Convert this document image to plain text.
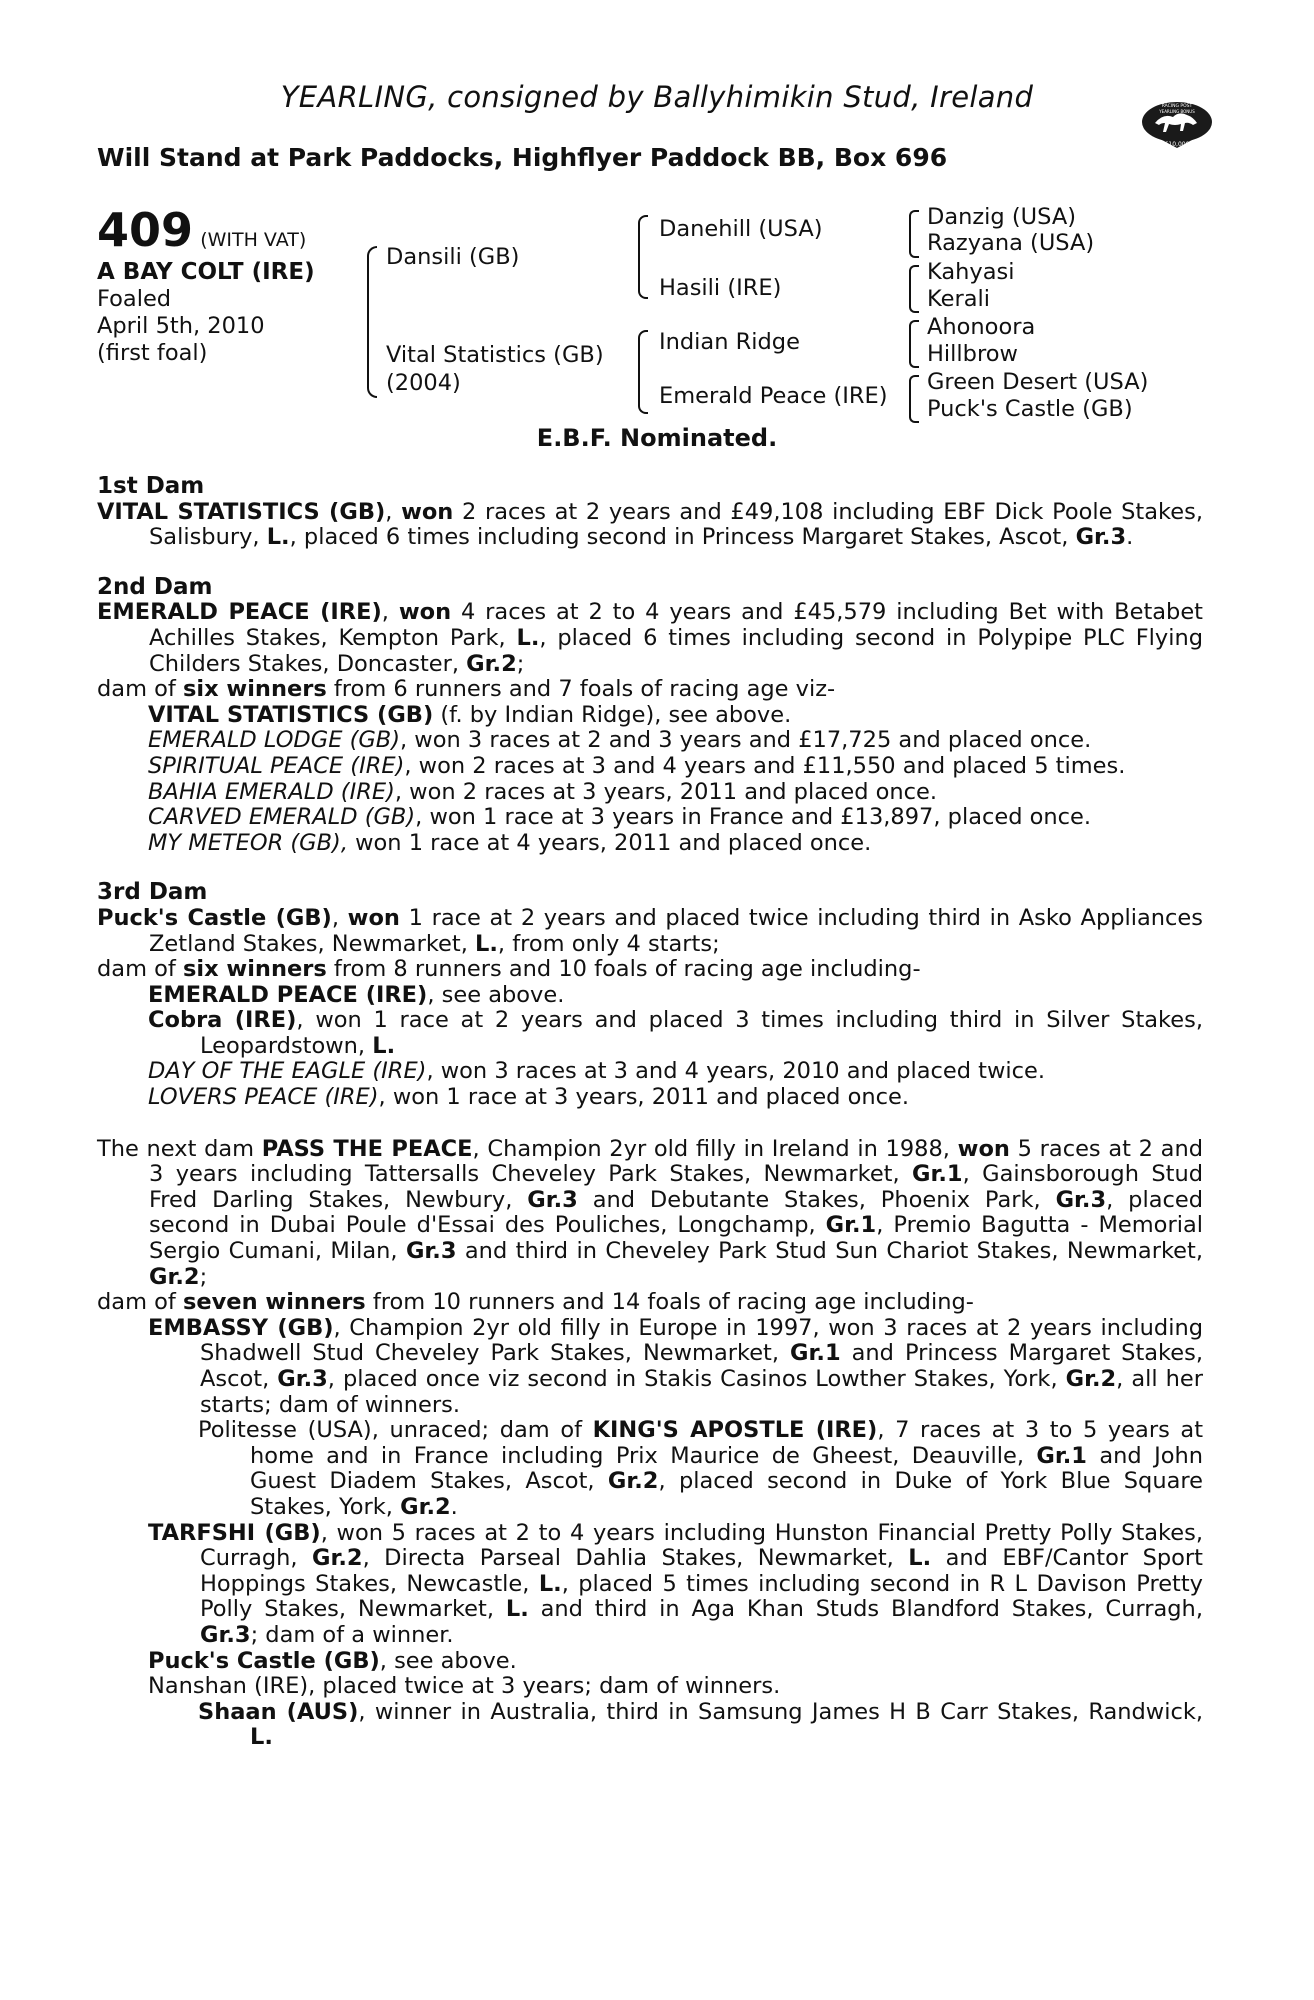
YEARLING, consigned by Ballyhimikin Stud, Ireland
Will Stand at Park Paddocks, Highflyer Paddock BB, Box 696
RACING POST
YEARLING BONUS
£10,000
409 (WITH VAT)
A BAY COLT (IRE)
Foaled
April 5th, 2010
(first foal)
Dansili (GB)
Vital Statistics (GB)
(2004)
Danehill (USA)
Hasili (IRE)
Indian Ridge
Emerald Peace (IRE)
Danzig (USA)
Razyana (USA)
Kahyasi
Kerali
Ahonoora
Hillbrow
Green Desert (USA)
Puck's Castle (GB)
E.B.F. Nominated.
1st Dam

VITAL STATISTICS (GB), won 2 races at 2 years and £49,108 including EBF Dick Poole Stakes, Salisbury, L., placed 6 times including second in Princess Margaret Stakes, Ascot, Gr.3.

2nd Dam

EMERALD PEACE (IRE), won 4 races at 2 to 4 years and £45,579 including Bet with Betabet Achilles Stakes, Kempton Park, L., placed 6 times including second in Polypipe PLC Flying Childers Stakes, Doncaster, Gr.2;

dam of six winners from 6 runners and 7 foals of racing age viz-

VITAL STATISTICS (GB) (f. by Indian Ridge), see above.

EMERALD LODGE (GB), won 3 races at 2 and 3 years and £17,725 and placed once.

SPIRITUAL PEACE (IRE), won 2 races at 3 and 4 years and £11,550 and placed 5 times.

BAHIA EMERALD (IRE), won 2 races at 3 years, 2011 and placed once.

CARVED EMERALD (GB), won 1 race at 3 years in France and £13,897, placed once.

MY METEOR (GB), won 1 race at 4 years, 2011 and placed once.

3rd Dam

Puck's Castle (GB), won 1 race at 2 years and placed twice including third in Asko Appliances Zetland Stakes, Newmarket, L., from only 4 starts;

dam of six winners from 8 runners and 10 foals of racing age including-

EMERALD PEACE (IRE), see above.

Cobra (IRE), won 1 race at 2 years and placed 3 times including third in Silver Stakes, Leopardstown, L.

DAY OF THE EAGLE (IRE), won 3 races at 3 and 4 years, 2010 and placed twice.

LOVERS PEACE (IRE), won 1 race at 3 years, 2011 and placed once.

The next dam PASS THE PEACE, Champion 2yr old filly in Ireland in 1988, won 5 races at 2 and 3 years including Tattersalls Cheveley Park Stakes, Newmarket, Gr.1, Gainsborough Stud Fred Darling Stakes, Newbury, Gr.3 and Debutante Stakes, Phoenix Park, Gr.3, placed second in Dubai Poule d'Essai des Pouliches, Longchamp, Gr.1, Premio Bagutta - Memorial Sergio Cumani, Milan, Gr.3 and third in Cheveley Park Stud Sun Chariot Stakes, Newmarket, Gr.2;

dam of seven winners from 10 runners and 14 foals of racing age including-

EMBASSY (GB), Champion 2yr old filly in Europe in 1997, won 3 races at 2 years including Shadwell Stud Cheveley Park Stakes, Newmarket, Gr.1 and Princess Margaret Stakes, Ascot, Gr.3, placed once viz second in Stakis Casinos Lowther Stakes, York, Gr.2, all her starts; dam of winners.

Politesse (USA), unraced; dam of KING'S APOSTLE (IRE), 7 races at 3 to 5 years at home and in France including Prix Maurice de Gheest, Deauville, Gr.1 and John Guest Diadem Stakes, Ascot, Gr.2, placed second in Duke of York Blue Square Stakes, York, Gr.2.

TARFSHI (GB), won 5 races at 2 to 4 years including Hunston Financial Pretty Polly Stakes, Curragh, Gr.2, Directa Parseal Dahlia Stakes, Newmarket, L. and EBF/Cantor Sport Hoppings Stakes, Newcastle, L., placed 5 times including second in R L Davison Pretty Polly Stakes, Newmarket, L. and third in Aga Khan Studs Blandford Stakes, Curragh, Gr.3; dam of a winner.

Puck's Castle (GB), see above.

Nanshan (IRE), placed twice at 3 years; dam of winners.

Shaan (AUS), winner in Australia, third in Samsung James H B Carr Stakes, Randwick, L.
